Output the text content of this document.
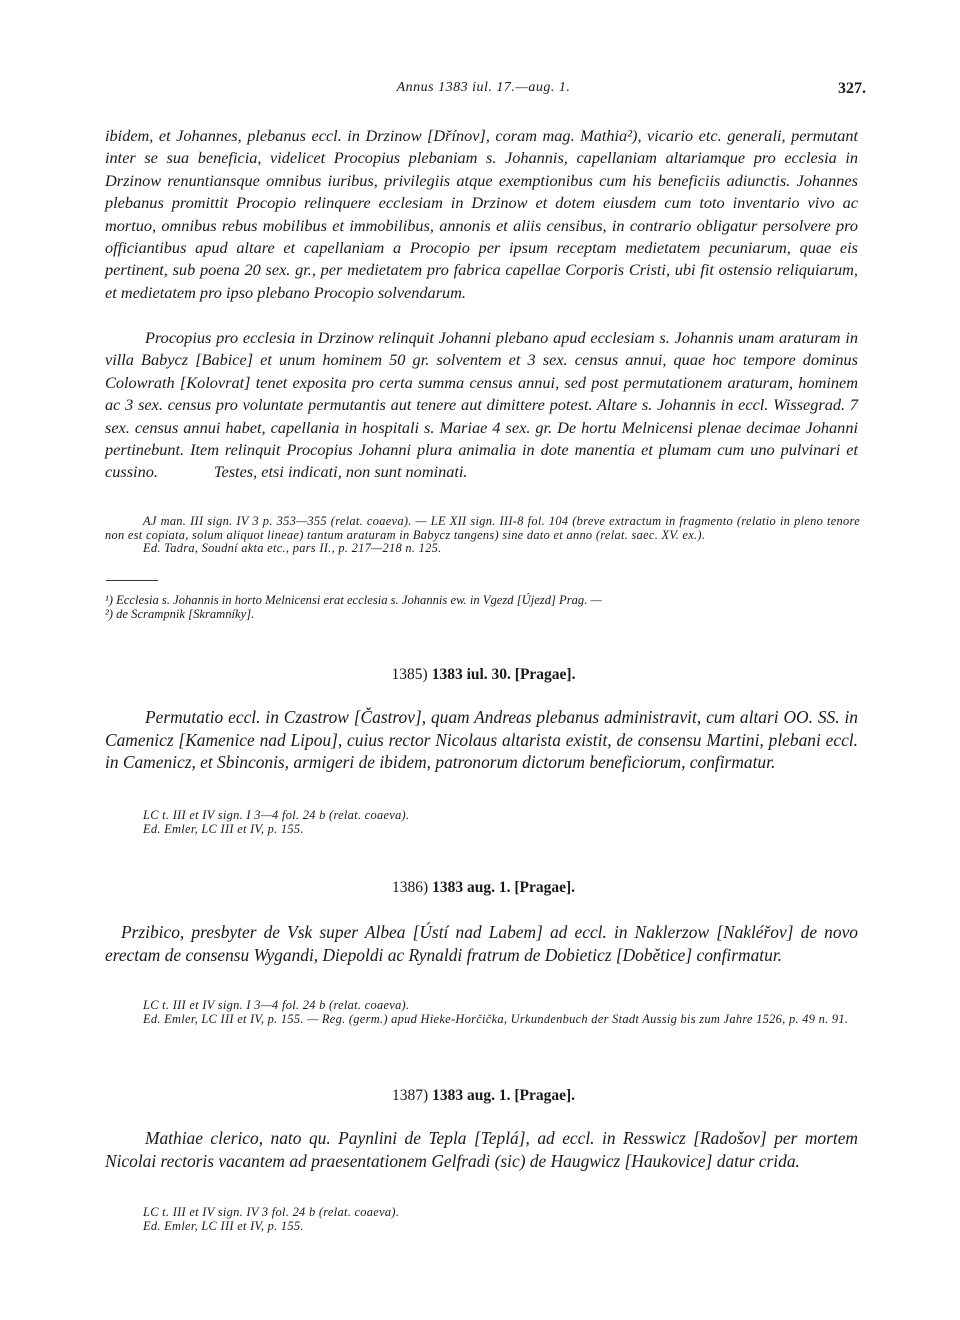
Annus 1383 iul. 17.—aug. 1.	327.

ibidem, et Johannes, plebanus eccl. in Drzinow [Dřínov], coram mag. Mathia²), vicario etc. generali, permutant inter se sua beneficia, videlicet Procopius plebaniam s. Johannis, capellaniam altariamque pro ecclesia in Drzinow renuntiansque omnibus iuribus, privilegiis atque exemptionibus cum his beneficiis adiunctis. Johannes plebanus promittit Procopio relinquere ecclesiam in Drzinow et dotem eiusdem cum toto inventario vivo ac mortuo, omnibus rebus mobilibus et immobilibus, annonis et aliis censibus, in contrario obligatur persolvere pro officiantibus apud altare et capellaniam a Procopio per ipsum receptam medietatem pecuniarum, quae eis pertinent, sub poena 20 sex. gr., per medietatem pro fabrica capellae Corporis Cristi, ubi fit ostensio reliquiarum, et medietatem pro ipso plebano Procopio solvendarum.

Procopius pro ecclesia in Drzinow relinquit Johanni plebano apud ecclesiam s. Johannis unam araturam in villa Babycz [Babice] et unum hominem 50 gr. solventem et 3 sex. census annui, quae hoc tempore dominus Colowrath [Kolovrat] tenet exposita pro certa summa census annui, sed post permutationem araturam, hominem ac 3 sex. census pro voluntate permutantis aut tenere aut dimittere potest. Altare s. Johannis in eccl. Wissegrad. 7 sex. census annui habet, capellania in hospitali s. Mariae 4 sex. gr. De hortu Melnicensi plenae decimae Johanni pertinebunt. Item relinquit Procopius Johanni plura animalia in dote manentia et plumam cum uno pulvinari et cussino.	Testes, etsi indicati, non sunt nominati.

AJ man. III sign. IV 3 p. 353—355 (relat. coaeva). — LE XII sign. III-8 fol. 104 (breve extractum in fragmento (relatio in pleno tenore non est copiata, solum aliquot lineae) tantum araturam in Babycz tangens) sine dato et anno (relat. saec. XV. ex.).
Ed. Tadra, Soudní akta etc., pars II., p. 217—218 n. 125.
¹) Ecclesia s. Johannis in horto Melnicensi erat ecclesia s. Johannis ew. in Vgezd [Újezd] Prag. —
²) de Scrampnik [Skramníky].
1385) 1383 iul. 30. [Pragae].

Permutatio eccl. in Czastrow [Častrov], quam Andreas plebanus administravit, cum altari OO. SS. in Camenicz [Kamenice nad Lipou], cuius rector Nicolaus altarista existit, de consensu Martini, plebani eccl. in Camenicz, et Sbinconis, armigeri de ibidem, patronorum dictorum beneficiorum, confirmatur.

LC t. III et IV sign. I 3—4 fol. 24 b (relat. coaeva).
Ed. Emler, LC III et IV, p. 155.
1386) 1383 aug. 1. [Pragae].

Przibico, presbyter de Vsk super Albea [Ústí nad Labem] ad eccl. in Naklerzow [Nakléřov] de novo erectam de consensu Wygandi, Diepoldi ac Rynaldi fratrum de Dobieticz [Dobětice] confirmatur.

LC t. III et IV sign. I 3—4 fol. 24 b (relat. coaeva).
Ed. Emler, LC III et IV, p. 155. — Reg. (germ.) apud Hieke-Horčička, Urkundenbuch der Stadt Aussig bis zum Jahre 1526, p. 49 n. 91.
1387) 1383 aug. 1. [Pragae].

Mathiae clerico, nato qu. Paynlini de Tepla [Teplá], ad eccl. in Resswicz [Radošov] per mortem Nicolai rectoris vacantem ad praesentationem Gelfradi (sic) de Haugwicz [Haukovice] datur crida.

LC t. III et IV sign. IV 3 fol. 24 b (relat. coaeva).
Ed. Emler, LC III et IV, p. 155.
